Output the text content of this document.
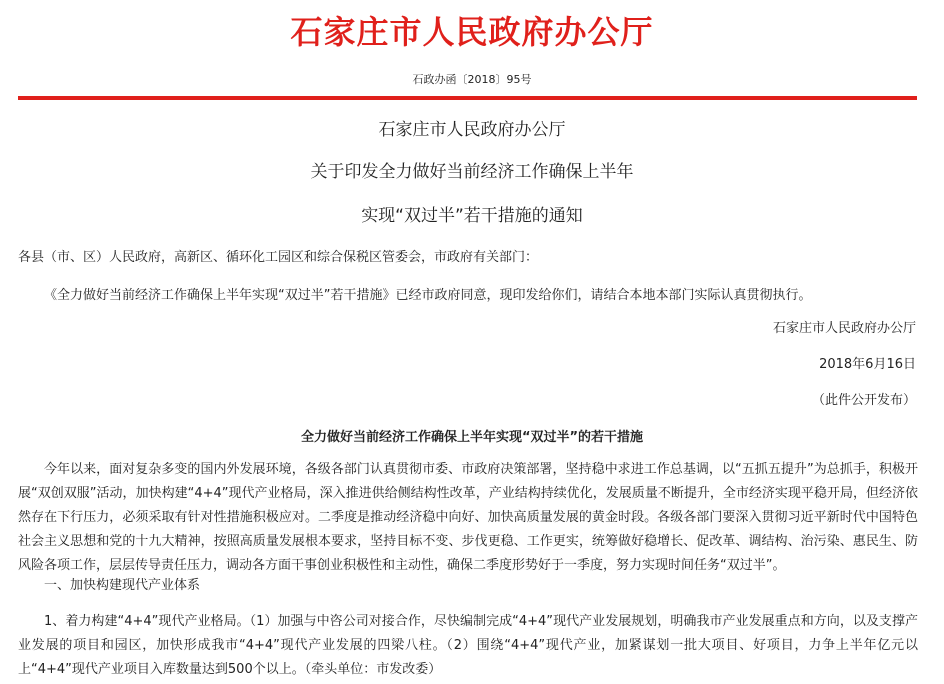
石家庄市人民政府办公厅
石政办函〔2018〕95号
石家庄市人民政府办公厅
关于印发全力做好当前经济工作确保上半年
实现“双过半”若干措施的通知
各县（市、区）人民政府，高新区、循环化工园区和综合保税区管委会，市政府有关部门：
《全力做好当前经济工作确保上半年实现“双过半”若干措施》已经市政府同意，现印发给你们，请结合本地本部门实际认真贯彻执行。
石家庄市人民政府办公厅
2018年6月16日
（此件公开发布）
全力做好当前经济工作确保上半年实现“双过半”的若干措施
今年以来，面对复杂多变的国内外发展环境，各级各部门认真贯彻市委、市政府决策部署，坚持稳中求进工作总基调，以“五抓五提升”为总抓手，积极开展“双创双服”活动，加快构建“4+4”现代产业格局，深入推进供给侧结构性改革，产业结构持续优化，发展质量不断提升，全市经济实现平稳开局，但经济依然存在下行压力，必须采取有针对性措施积极应对。二季度是推动经济稳中向好、加快高质量发展的黄金时段。各级各部门要深入贯彻习近平新时代中国特色社会主义思想和党的十九大精神，按照高质量发展根本要求，坚持目标不变、步伐更稳、工作更实，统筹做好稳增长、促改革、调结构、治污染、惠民生、防风险各项工作，层层传导责任压力，调动各方面干事创业积极性和主动性，确保二季度形势好于一季度，努力实现时间任务“双过半”。
一、加快构建现代产业体系
1、着力构建“4+4”现代产业格局。（1）加强与中咨公司对接合作，尽快编制完成“4+4”现代产业发展规划，明确我市产业发展重点和方向，以及支撑产业发展的项目和园区，加快形成我市“4+4”现代产业发展的四梁八柱。（2）围绕“4+4”现代产业，加紧谋划一批大项目、好项目，力争上半年亿元以上“4+4”现代产业项目入库数量达到500个以上。（牵头单位：市发改委）
